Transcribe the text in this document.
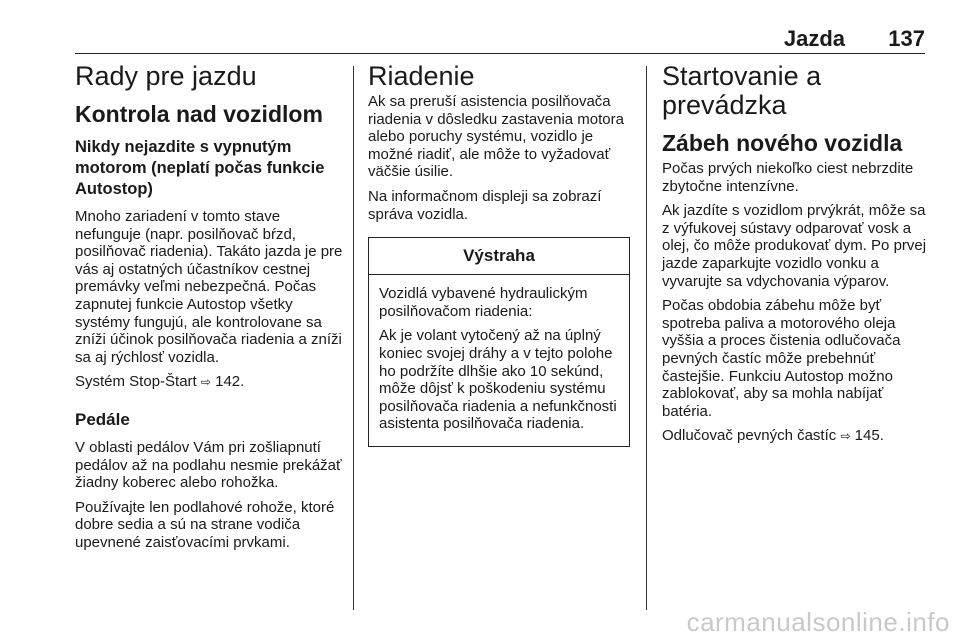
Jazda 137
Rady pre jazdu
Kontrola nad vozidlom
Nikdy nejazdite s vypnutým motorom (neplatí počas funkcie Autostop)
Mnoho zariadení v tomto stave nefunguje (napr. posilňovač bŕzd, posilňovač riadenia). Takáto jazda je pre vás aj ostatných účastníkov cestnej premávky veľmi nebezpečná. Počas zapnutej funkcie Autostop všetky systémy fungujú, ale kontrolovane sa zníži účinok posilňovača riadenia a zníži sa aj rýchlosť vozidla.
Systém Stop-Štart ⇨ 142.
Pedále
V oblasti pedálov Vám pri zošliapnutí pedálov až na podlahu nesmie prekážať žiadny koberec alebo rohožka.
Používajte len podlahové rohože, ktoré dobre sedia a sú na strane vodiča upevnené zaisťovacími prvkami.
Riadenie
Ak sa preruší asistencia posilňovača riadenia v dôsledku zastavenia motora alebo poruchy systému, vozidlo je možné riadiť, ale môže to vyžadovať väčšie úsilie.
Na informačnom displeji sa zobrazí správa vozidla.
Výstraha
Vozidlá vybavené hydraulickým posilňovačom riadenia:
Ak je volant vytočený až na úplný koniec svojej dráhy a v tejto polohe ho podržíte dlhšie ako 10 sekúnd, môže dôjsť k poškodeniu systému posilňovača riadenia a nefunkčnosti asistenta posilňovača riadenia.
Startovanie a prevádzka
Zábeh nového vozidla
Počas prvých niekoľko ciest nebrzdite zbytočne intenzívne.
Ak jazdíte s vozidlom prvýkrát, môže sa z výfukovej sústavy odparovať vosk a olej, čo môže produkovať dym. Po prvej jazde zaparkujte vozidlo vonku a vyvarujte sa vdychovania výparov.
Počas obdobia zábehu môže byť spotreba paliva a motorového oleja vyššia a proces čistenia odlučovača pevných častíc môže prebehnúť častejšie. Funkciu Autostop možno zablokovať, aby sa mohla nabíjať batéria.
Odlučovač pevných častíc ⇨ 145.
carmanualsonline.info
